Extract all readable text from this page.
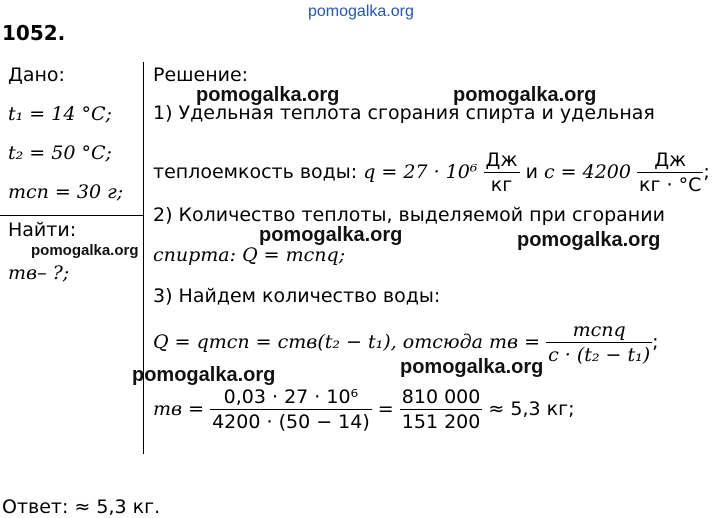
pomogalka.org
1052.
Дано:
t₁ = 14 °C;
t₂ = 50 °C;
mсп = 30 г;
Найти:
pomogalka.org
mв– ?;
Решение:
pomogalka.org	pomogalka.org
1) Удельная теплота сгорания спирта и удельная
теплоемкость воды: $q = 27 \cdot 10^6 \frac{Дж}{кг}$ и $c = 4200 \frac{Дж}{кг \cdot ^\circ C}$ ;
2) Количество теплоты, выделяемой при сгорании
pomogalka.org	pomogalka.org
спирта: Q = mспq;
3) Найдем количество воды:
Q = qmсп = cmв(t₂ − t₁), отсюда mв = $\frac{\text{mспq}}{\text{c · (t₂ − t₁)}}$ ;
pomogalka.org
pomogalka.org
mв = $\frac{\text{0,03 · 27 · 10⁶}}{4200 \cdot (50 - 14)} = \frac{810 000}{151 200} \approx 5,3$ кг;
Ответ: ≈ 5,3 кг.
